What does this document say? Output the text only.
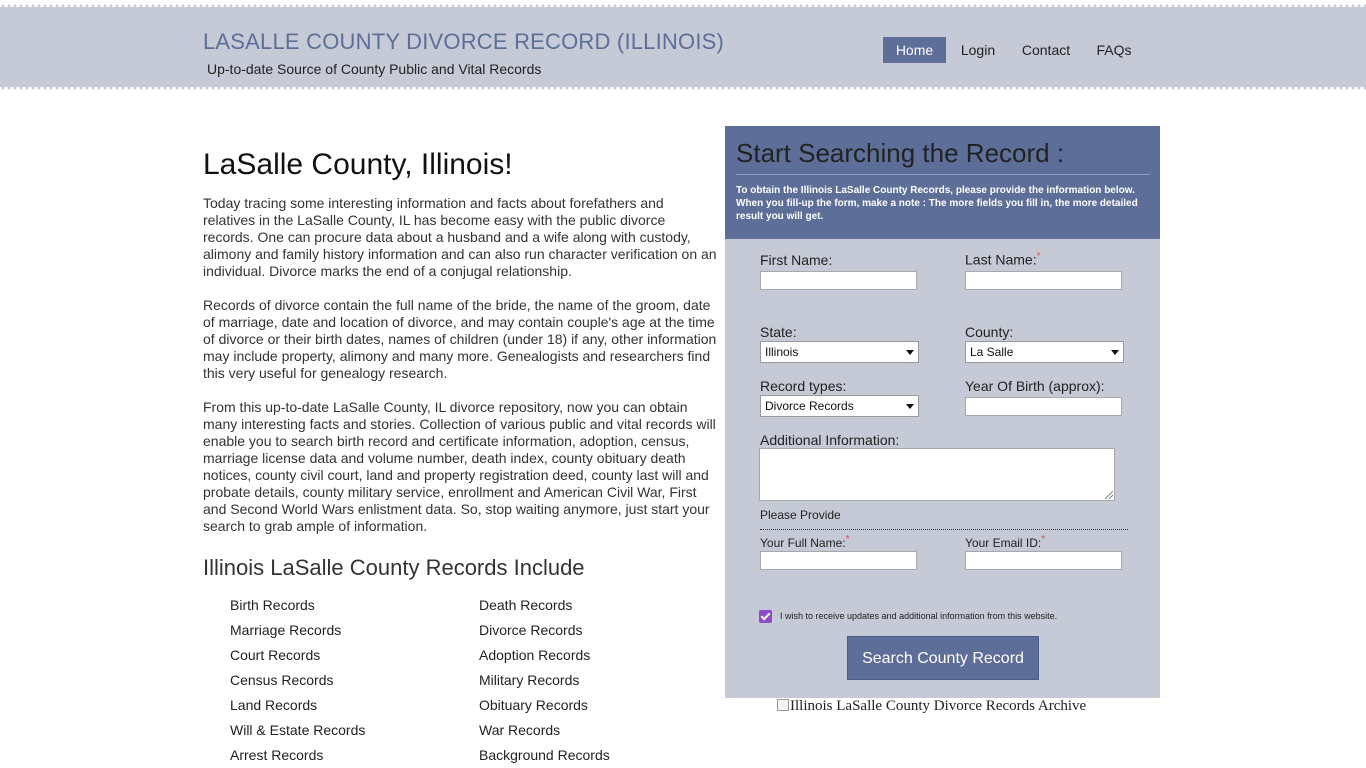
LASALLE COUNTY DIVORCE RECORD (ILLINOIS)

Up-to-date Source of County Public and Vital Records

Home	Login	Contact	FAQs
LaSalle County, Illinois!

Today tracing some interesting information and facts about forefathers and relatives in the LaSalle County, IL has become easy with the public divorce records. One can procure data about a husband and a wife along with custody, alimony and family history information and can also run character verification on an individual. Divorce marks the end of a conjugal relationship.

Records of divorce contain the full name of the bride, the name of the groom, date of marriage, date and location of divorce, and may contain couple's age at the time of divorce or their birth dates, names of children (under 18) if any, other information may include property, alimony and many more. Genealogists and researchers find this very useful for genealogy research.

From this up-to-date LaSalle County, IL divorce repository, now you can obtain many interesting facts and stories. Collection of various public and vital records will enable you to search birth record and certificate information, adoption, census, marriage license data and volume number, death index, county obituary death notices, county civil court, land and property registration deed, county last will and probate details, county military service, enrollment and American Civil War, First and Second World Wars enlistment data. So, stop waiting anymore, just start your search to grab ample of information.

Illinois LaSalle County Records Include
Birth Records
Marriage Records
Court Records
Census Records
Land Records
Will & Estate Records
Arrest Records
Death Records
Divorce Records
Adoption Records
Military Records
Obituary Records
War Records
Background Records
Start Searching the Record :

To obtain the Illinois LaSalle County Records, please provide the information below. When you fill-up the form, make a note : The more fields you fill in, the more detailed result you will get.

First Name:	Last Name:*
State:
Illinois
County:
La Salle
Record types:
Divorce Records
Year Of Birth (approx):
Additional Information:
Please Provide
Your Full Name:*	Your Email ID:*
I wish to receive updates and additional information from this website.
Search County Record
Illinois LaSalle County Divorce Records Archive
